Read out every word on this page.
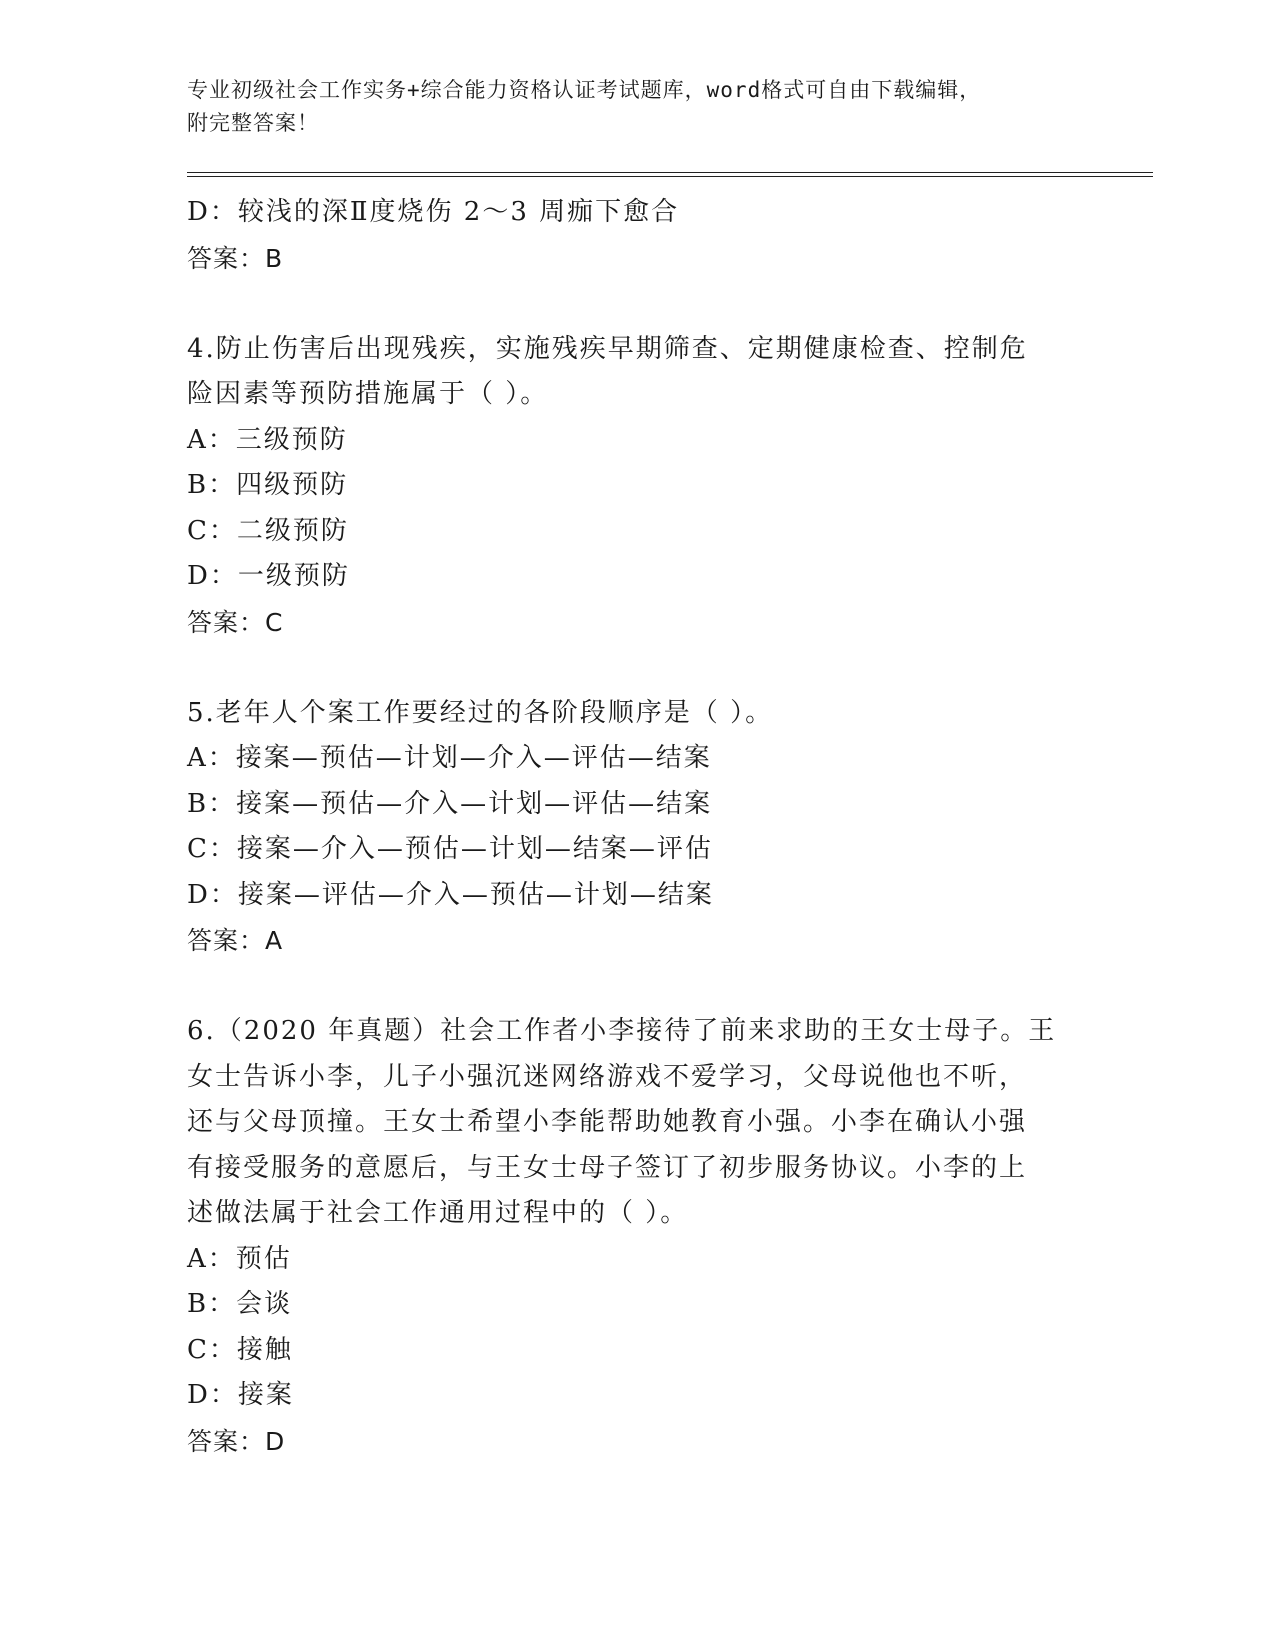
专业初级社会工作实务+综合能力资格认证考试题库，word格式可自由下载编辑，
附完整答案！
D：较浅的深Ⅱ度烧伤 2～3 周痂下愈合
答案：B
4.防止伤害后出现残疾，实施残疾早期筛查、定期健康检查、控制危
险因素等预防措施属于（ ）。
A：三级预防
B：四级预防
C：二级预防
D：一级预防
答案：C
5.老年人个案工作要经过的各阶段顺序是（ ）。
A：接案—预估—计划—介入—评估—结案
B：接案—预估—介入—计划—评估—结案
C：接案—介入—预估—计划—结案—评估
D：接案—评估—介入—预估—计划—结案
答案：A
6.（2020 年真题）社会工作者小李接待了前来求助的王女士母子。王
女士告诉小李，儿子小强沉迷网络游戏不爱学习，父母说他也不听，
还与父母顶撞。王女士希望小李能帮助她教育小强。小李在确认小强
有接受服务的意愿后，与王女士母子签订了初步服务协议。小李的上
述做法属于社会工作通用过程中的（ ）。
A：预估
B：会谈
C：接触
D：接案
答案：D
